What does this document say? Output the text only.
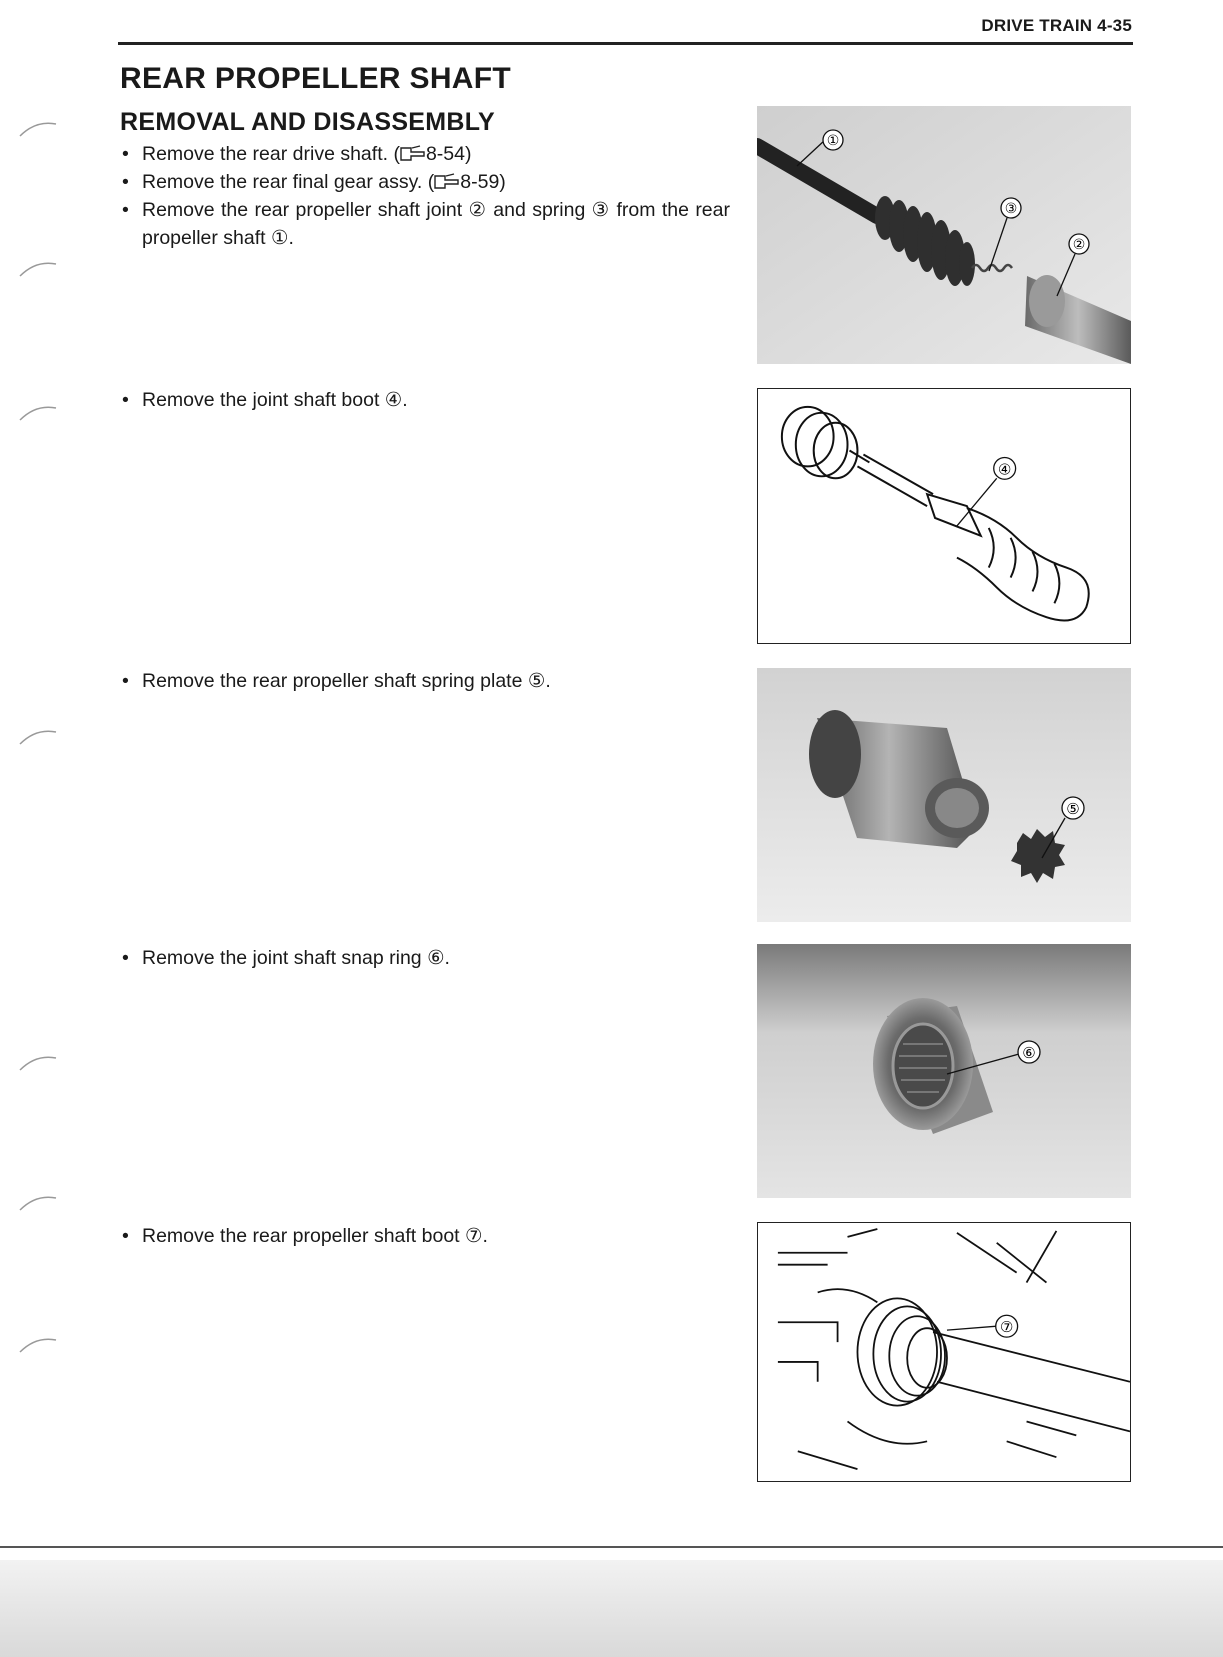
DRIVE TRAIN 4-35
REAR PROPELLER SHAFT
REMOVAL AND DISASSEMBLY
• Remove the rear drive shaft. ( 8-54)
• Remove the rear final gear assy. ( 8-59)
• Remove the rear propeller shaft joint ② and spring ③ from the rear propeller shaft ①.
• Remove the joint shaft boot ④.
• Remove the rear propeller shaft spring plate ⑤.
• Remove the joint shaft snap ring ⑥.
• Remove the rear propeller shaft boot ⑦.
①
③
②
④
⑤
⑥
⑦
